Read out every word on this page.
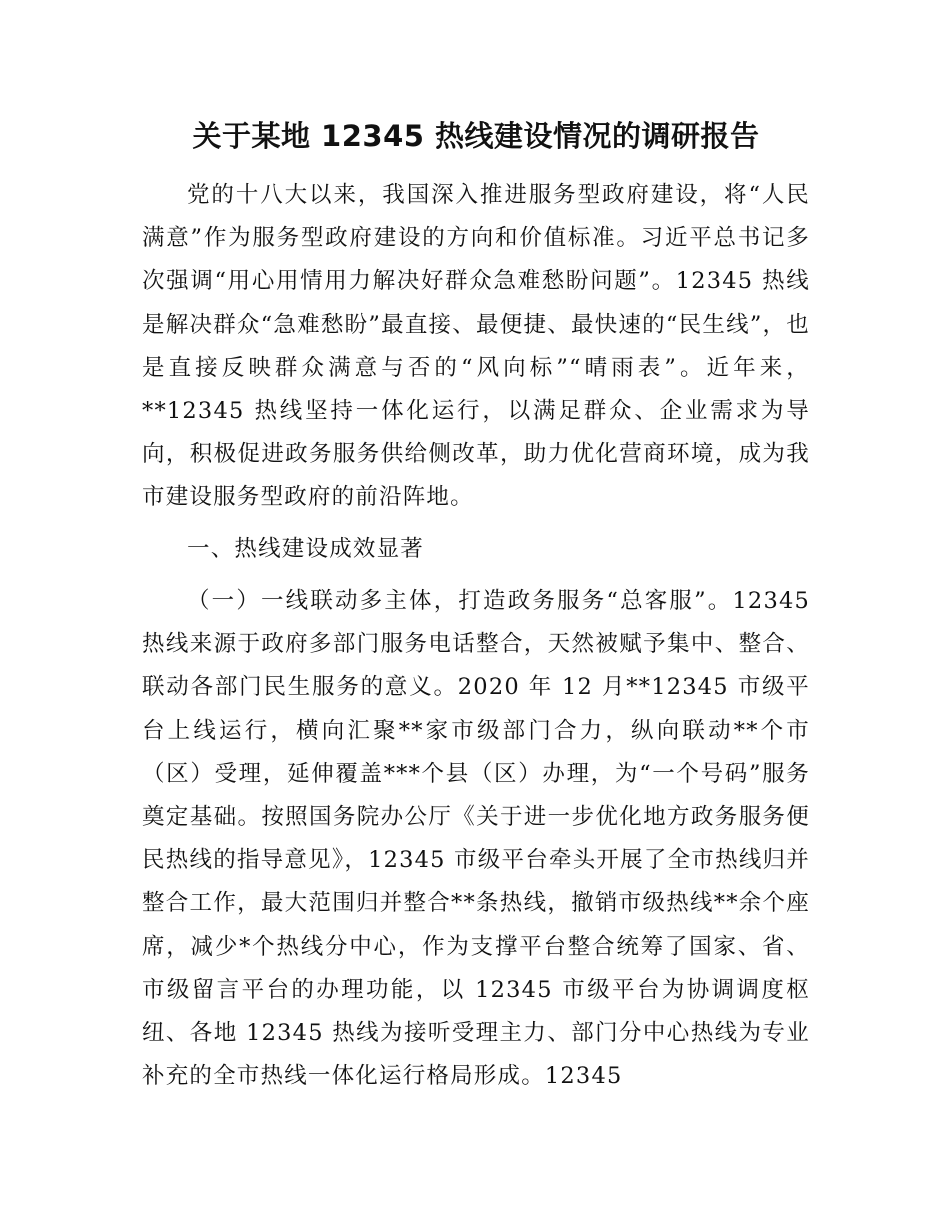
关于某地 12345 热线建设情况的调研报告

党的十八大以来，我国深入推进服务型政府建设，将“人民满意”作为服务型政府建设的方向和价值标准。习近平总书记多次强调“用心用情用力解决好群众急难愁盼问题”。12345 热线是解决群众“急难愁盼”最直接、最便捷、最快速的“民生线”，也是直接反映群众满意与否的“风向标”“晴雨表”。近年来，**12345 热线坚持一体化运行，以满足群众、企业需求为导向，积极促进政务服务供给侧改革，助力优化营商环境，成为我市建设服务型政府的前沿阵地。

一、热线建设成效显著

（一）一线联动多主体，打造政务服务“总客服”。12345 热线来源于政府多部门服务电话整合，天然被赋予集中、整合、联动各部门民生服务的意义。2020 年 12 月**12345 市级平台上线运行，横向汇聚**家市级部门合力，纵向联动**个市（区）受理，延伸覆盖***个县（区）办理，为“一个号码”服务奠定基础。按照国务院办公厅《关于进一步优化地方政务服务便民热线的指导意见》，12345 市级平台牵头开展了全市热线归并整合工作，最大范围归并整合**条热线，撤销市级热线**余个座席，减少*个热线分中心，作为支撑平台整合统筹了国家、省、市级留言平台的办理功能，以 12345 市级平台为协调调度枢纽、各地 12345 热线为接听受理主力、部门分中心热线为专业补充的全市热线一体化运行格局形成。12345
